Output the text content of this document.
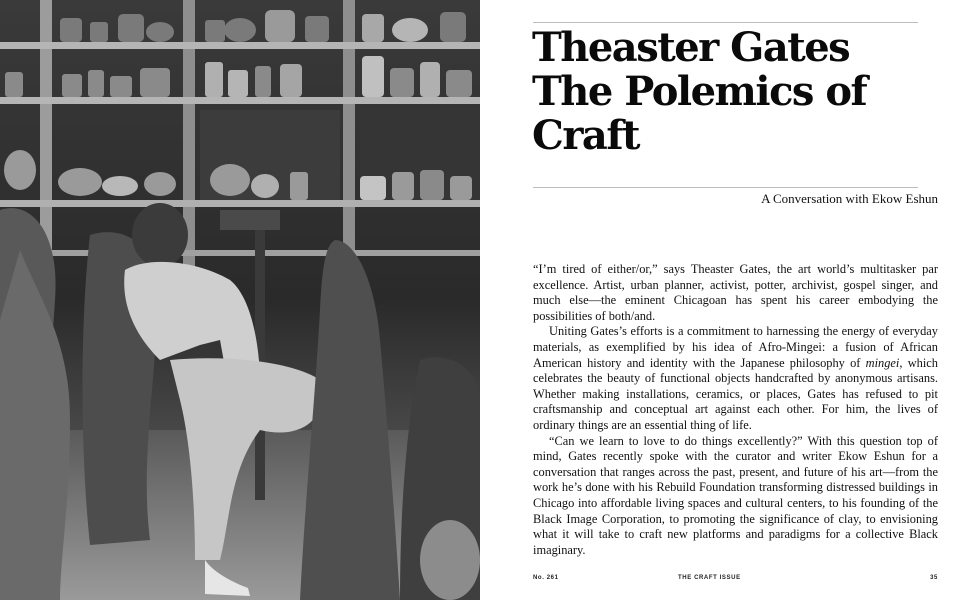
Theaster Gates
The Polemics of
Craft
A Conversation with Ekow Eshun

“I’m tired of either/or,” says Theaster Gates, the art world’s multitasker par excellence. Artist, urban planner, activist, potter, archivist, gospel singer, and much else—the eminent Chicagoan has spent his career embodying the possibilities of both/and.

Uniting Gates’s efforts is a commitment to harnessing the energy of everyday materials, as exemplified by his idea of Afro-Mingei: a fusion of African American history and identity with the Japanese philosophy of mingei, which celebrates the beauty of functional objects handcrafted by anonymous artisans. Whether making installations, ceramics, or places, Gates has refused to pit craftsmanship and conceptual art against each other. For him, the lives of ordinary things are an essential thing of life.

“Can we learn to love to do things excellently?” With this question top of mind, Gates recently spoke with the curator and writer Ekow Eshun for a conversation that ranges across the past, present, and future of his art—from the work he’s done with his Rebuild Foundation transforming distressed buildings in Chicago into affordable living spaces and cultural centers, to his founding of the Black Image Corporation, to promoting the significance of clay, to envisioning what it will take to craft new platforms and paradigms for a collective Black imaginary.

No. 261	THE CRAFT ISSUE	35
